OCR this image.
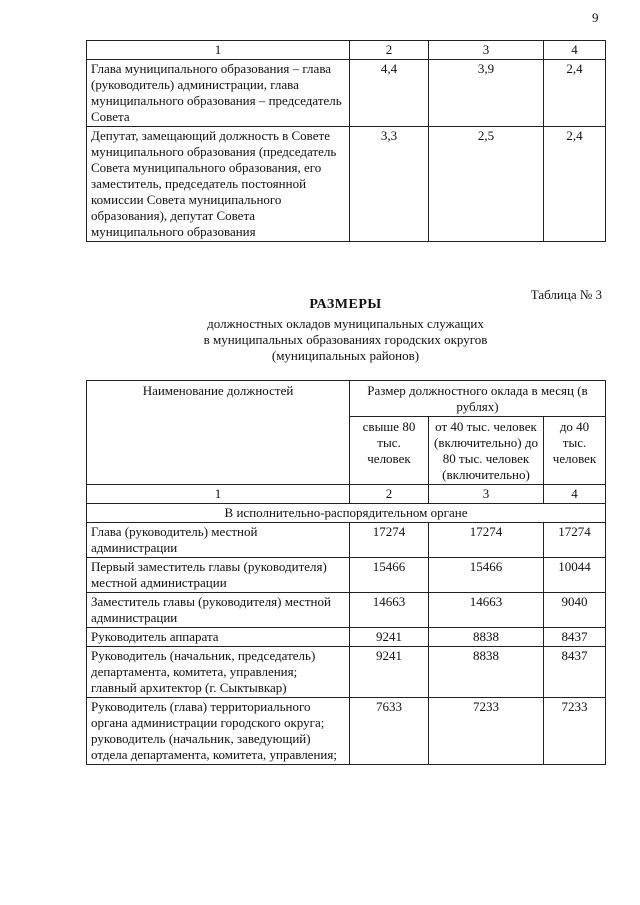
9
1	2	3	4
Глава муниципального образования – глава (руководитель) администрации, глава муниципального образования – председатель Совета	4,4	3,9	2,4
Депутат, замещающий должность в Совете муниципального образования (председатель Совета муниципального образования, его заместитель, председатель постоянной комиссии Совета муниципального образования), депутат Совета муниципального образования	3,3	2,5	2,4
Таблица № 3
РАЗМЕРЫ
должностных окладов муниципальных служащих
в муниципальных образованиях городских округов
(муниципальных районов)
Наименование должностей	Размер должностного оклада в месяц (в рублях)		
	свыше 80 тыс. человек	от 40 тыс. человек (включительно) до 80 тыс. человек (включительно)	до 40 тыс. человек
1	2	3	4
В исполнительно-распорядительном органе			
Глава (руководитель) местной администрации	17274	17274	17274
Первый заместитель главы (руководителя) местной администрации	15466	15466	10044
Заместитель главы (руководителя) местной администрации	14663	14663	9040
Руководитель аппарата	9241	8838	8437
Руководитель (начальник, председатель) департамента, комитета, управления; главный архитектор (г. Сыктывкар)	9241	8838	8437
Руководитель (глава) территориального органа администрации городского округа; руководитель (начальник, заведующий) отдела департамента, комитета, управления;	7633	7233	7233
